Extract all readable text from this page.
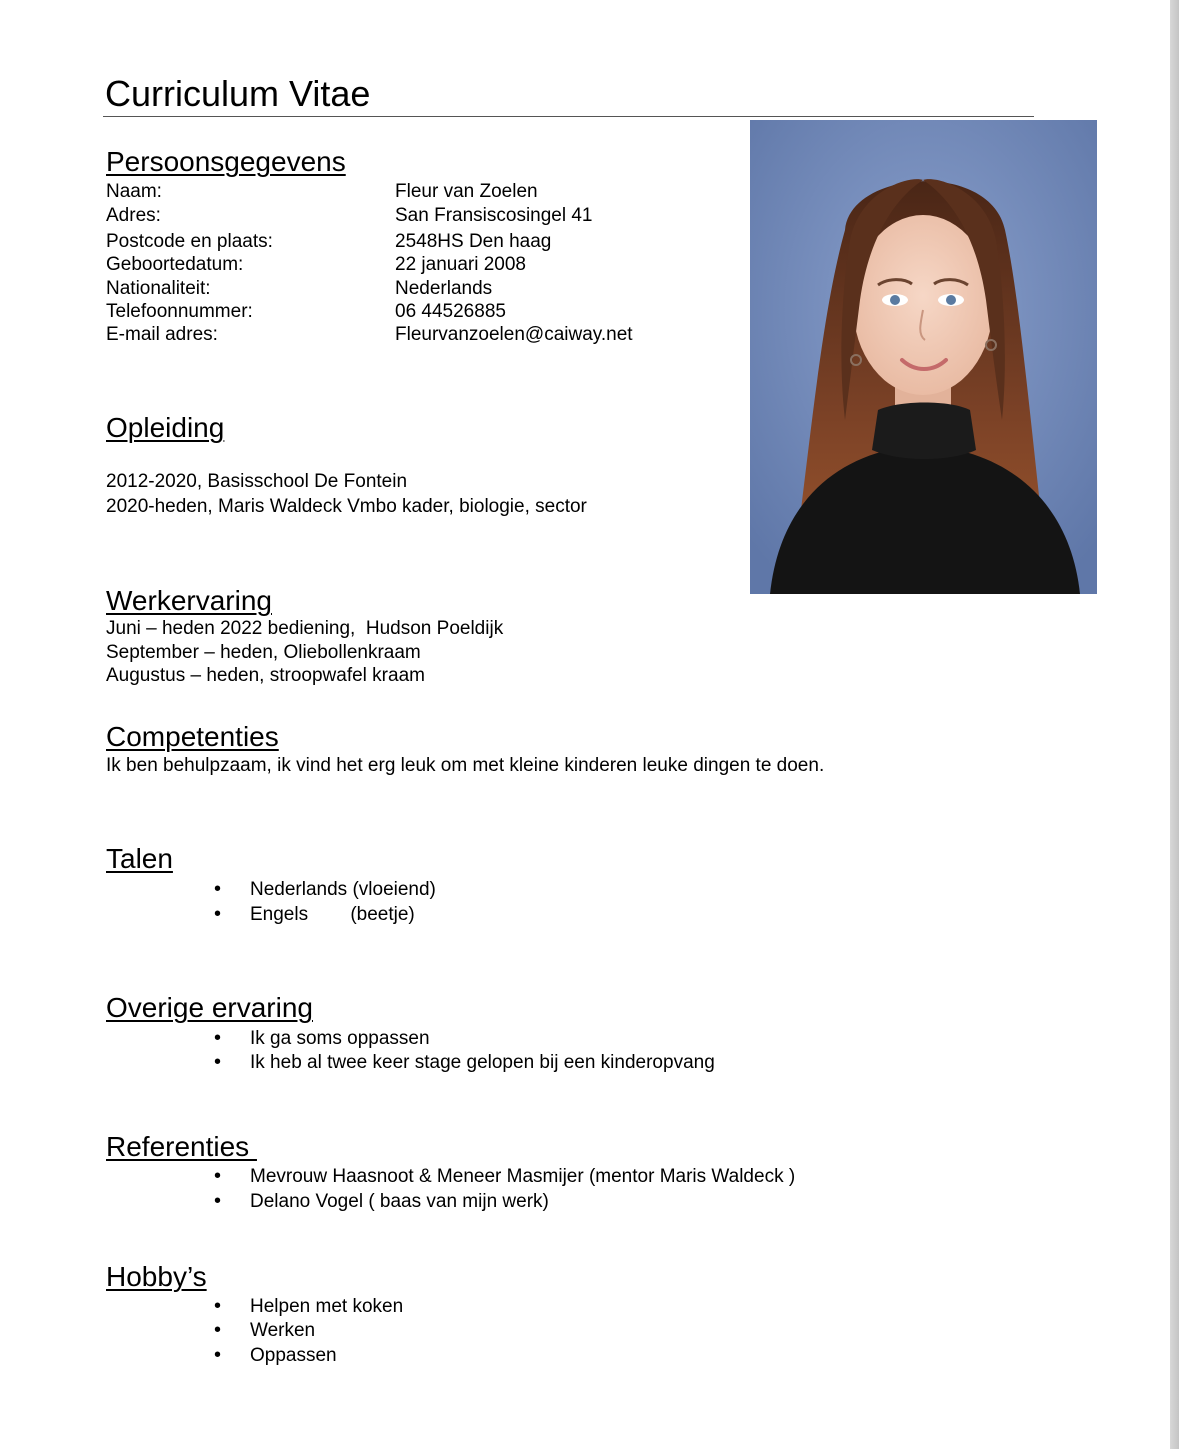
Curriculum Vitae
Persoonsgegevens
Naam:	Fleur van Zoelen
Adres:	San Fransiscosingel 41
Postcode en plaats:	2548HS Den haag
Geboortedatum:	22 januari 2008
Nationaliteit:	Nederlands
Telefoonnummer:	06 44526885
E-mail adres:	Fleurvanzoelen@caiway.net
Opleiding
2012-2020, Basisschool De Fontein
2020-heden, Maris Waldeck Vmbo kader, biologie, sector
Werkervaring
Juni – heden 2022 bediening,  Hudson Poeldijk
September – heden, Oliebollenkraam
Augustus – heden, stroopwafel kraam
Competenties
Ik ben behulpzaam, ik vind het erg leuk om met kleine kinderen leuke dingen te doen.
Talen
• Nederlands (vloeiend)
• Engels        (beetje)
Overige ervaring
• Ik ga soms oppassen
• Ik heb al twee keer stage gelopen bij een kinderopvang
Referenties
• Mevrouw Haasnoot & Meneer Masmijer (mentor Maris Waldeck )
• Delano Vogel ( baas van mijn werk)
Hobby’s
• Helpen met koken
• Werken
• Oppassen
